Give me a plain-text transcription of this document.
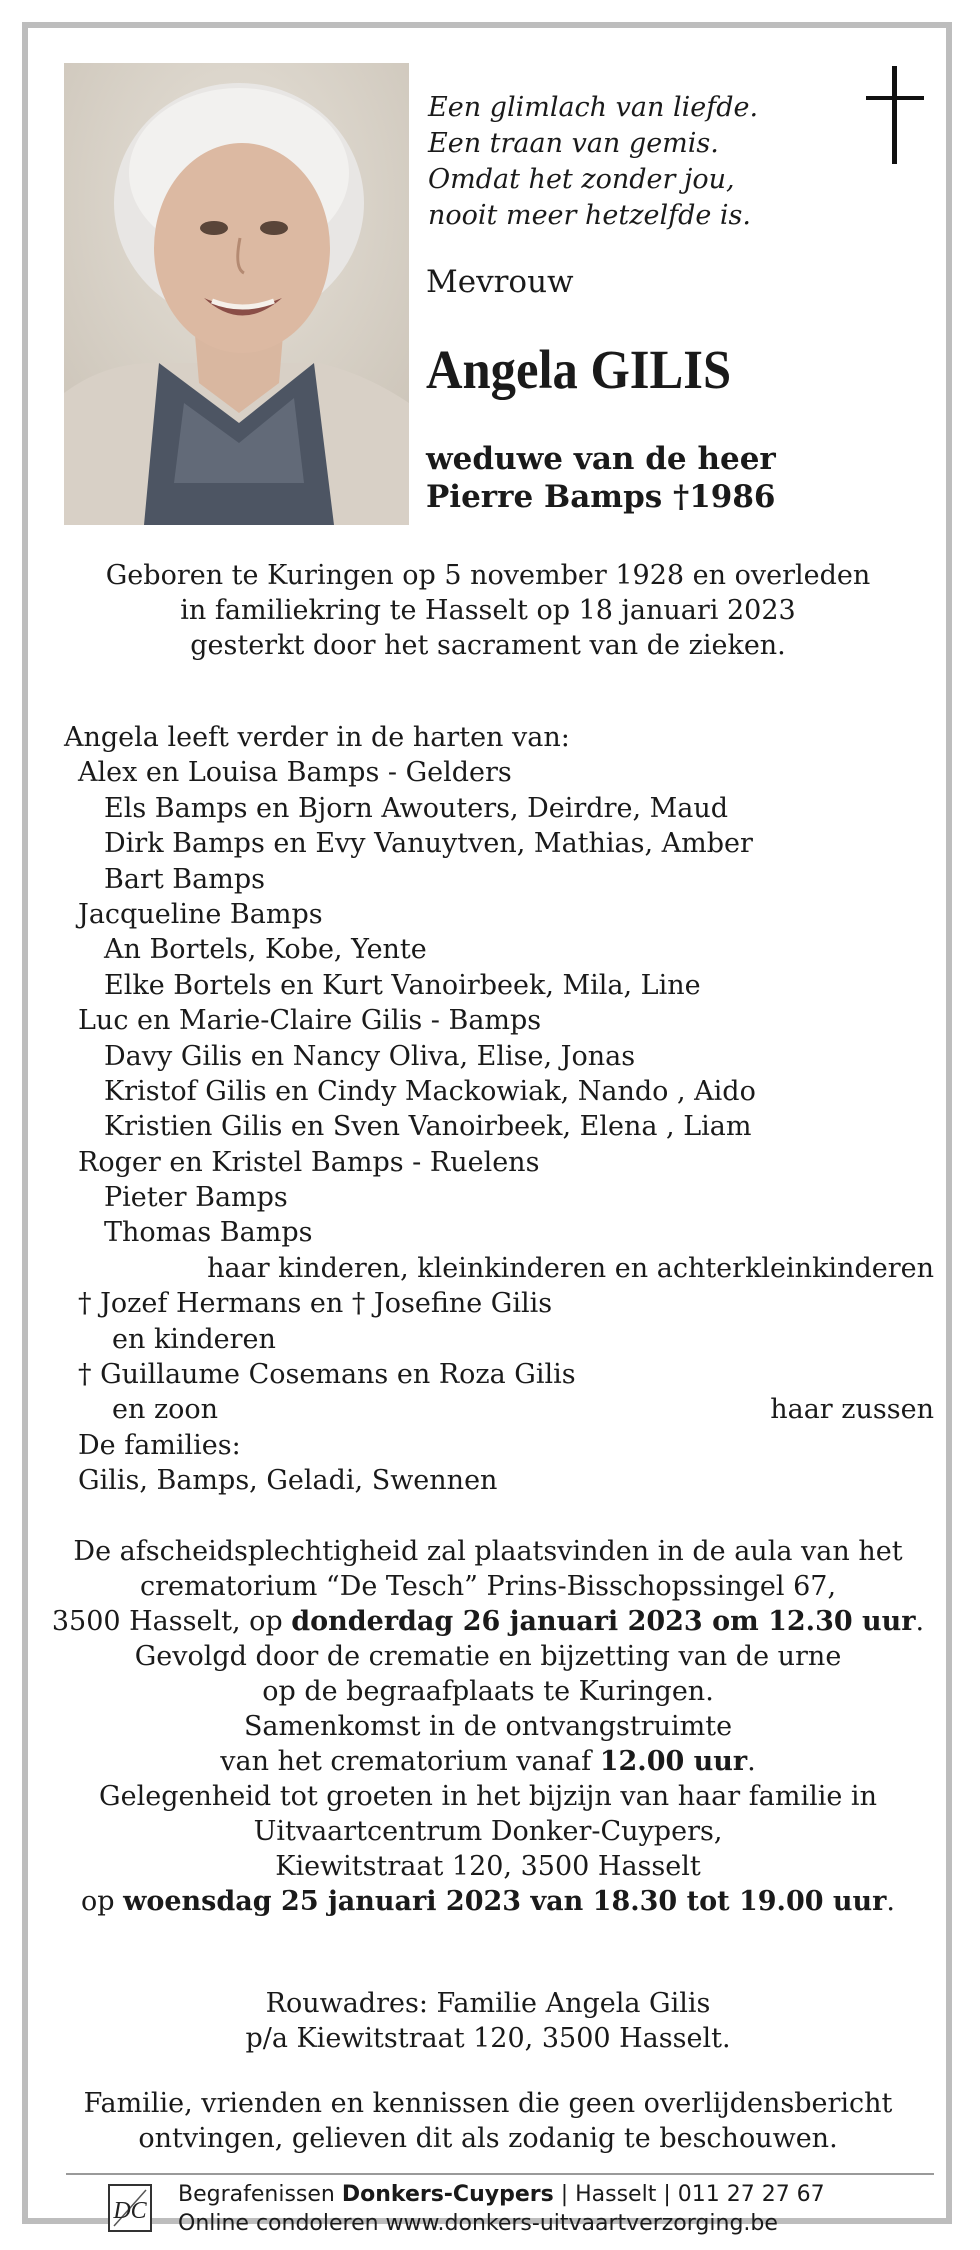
Een glimlach van liefde.
Een traan van gemis.
Omdat het zonder jou,
nooit meer hetzelfde is.
Mevrouw
Angela GILIS
weduwe van de heer
Pierre Bamps †1986
Geboren te Kuringen op 5 november 1928 en overleden
in familiekring te Hasselt op 18 januari 2023
gesterkt door het sacrament van de zieken.
Angela leeft verder in de harten van:
Alex en Louisa Bamps - Gelders
Els Bamps en Bjorn Awouters, Deirdre, Maud
Dirk Bamps en Evy Vanuytven, Mathias, Amber
Bart Bamps
Jacqueline Bamps
An Bortels, Kobe, Yente
Elke Bortels en Kurt Vanoirbeek, Mila, Line
Luc en Marie-Claire Gilis - Bamps
Davy Gilis en Nancy Oliva, Elise, Jonas
Kristof Gilis en Cindy Mackowiak, Nando , Aido
Kristien Gilis en Sven Vanoirbeek, Elena , Liam
Roger en Kristel Bamps - Ruelens
Pieter Bamps
Thomas Bamps
haar kinderen, kleinkinderen en achterkleinkinderen
† Jozef Hermans en † Josefine Gilis
en kinderen
† Guillaume Cosemans en Roza Gilis
en zoon	haar zussen
De families:
Gilis, Bamps, Geladi, Swennen
De afscheidsplechtigheid zal plaatsvinden in de aula van het
crematorium “De Tesch” Prins-Bisschopssingel 67,
3500 Hasselt, op donderdag 26 januari 2023 om 12.30 uur.
Gevolgd door de crematie en bijzetting van de urne
op de begraafplaats te Kuringen.
Samenkomst in de ontvangstruimte
van het crematorium vanaf 12.00 uur.
Gelegenheid tot groeten in het bijzijn van haar familie in
Uitvaartcentrum Donker-Cuypers,
Kiewitstraat 120, 3500 Hasselt
op woensdag 25 januari 2023 van 18.30 tot 19.00 uur.
Rouwadres: Familie Angela Gilis
p/a Kiewitstraat 120, 3500 Hasselt.
Familie, vrienden en kennissen die geen overlijdensbericht
ontvingen, gelieven dit als zodanig te beschouwen.
DC
Begrafenissen Donkers-Cuypers | Hasselt | 011 27 27 67
Online condoleren www.donkers-uitvaartverzorging.be
